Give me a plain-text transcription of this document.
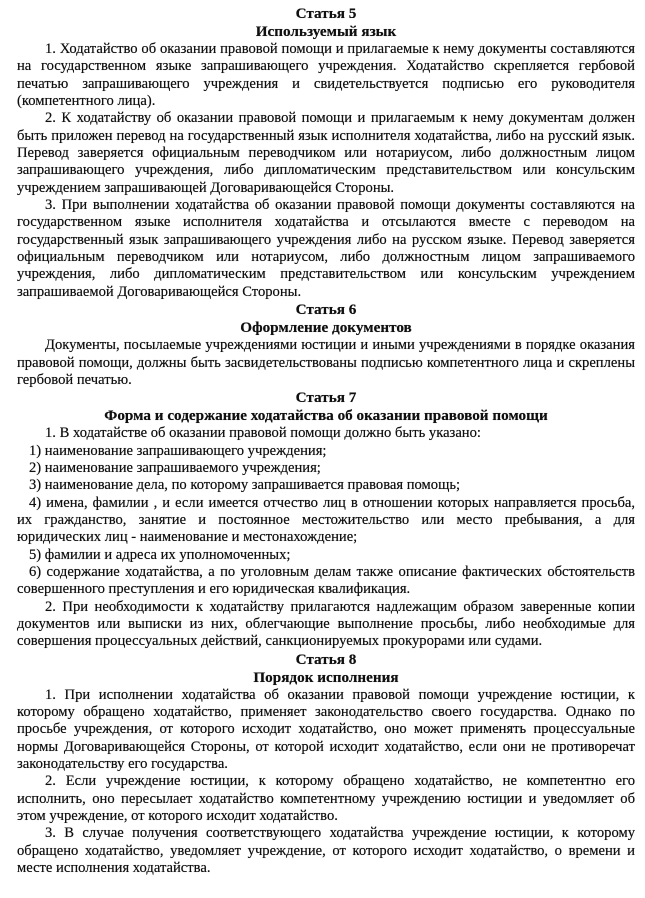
Статья 5
Используемый язык

1. Ходатайство об оказании правовой помощи и прилагаемые к нему документы составляются на государственном языке запрашивающего учреждения. Ходатайство скрепляется гербовой печатью запрашивающего учреждения и свидетельствуется подписью его руководителя (компетентного лица).

2. К ходатайству об оказании правовой помощи и прилагаемым к нему документам должен быть приложен перевод на государственный язык исполнителя ходатайства, либо на русский язык. Перевод заверяется официальным переводчиком или нотариусом, либо должностным лицом запрашивающего учреждения, либо дипломатическим представительством или консульским учреждением запрашивающей Договаривающейся Стороны.

3. При выполнении ходатайства об оказании правовой помощи документы составляются на государственном языке исполнителя ходатайства и отсылаются вместе с переводом на государственный язык запрашивающего учреждения либо на русском языке. Перевод заверяется официальным переводчиком или нотариусом, либо должностным лицом запрашиваемого учреждения, либо дипломатическим представительством или консульским учреждением запрашиваемой Договаривающейся Стороны.

Статья 6
Оформление документов

Документы, посылаемые учреждениями юстиции и иными учреждениями в порядке оказания правовой помощи, должны быть засвидетельствованы подписью компетентного лица и скреплены гербовой печатью.

Статья 7
Форма и содержание ходатайства об оказании правовой помощи

1. В ходатайстве об оказании правовой помощи должно быть указано:

1) наименование запрашивающего учреждения;

2) наименование запрашиваемого учреждения;

3) наименование дела, по которому запрашивается правовая помощь;

4) имена, фамилии , и если имеется отчество лиц в отношении которых направляется просьба, их гражданство, занятие и постоянное местожительство или место пребывания, а для юридических лиц - наименование и местонахождение;

5) фамилии и адреса их уполномоченных;

6) содержание ходатайства, а по уголовным делам также описание фактических обстоятельств совершенного преступления и его юридическая квалификация.

2. При необходимости к ходатайству прилагаются надлежащим образом заверенные копии документов или выписки из них, облегчающие выполнение просьбы, либо необходимые для совершения процессуальных действий, санкционируемых прокурорами или судами.

Статья 8
Порядок исполнения

1. При исполнении ходатайства об оказании правовой помощи учреждение юстиции, к которому обращено ходатайство, применяет законодательство своего государства. Однако по просьбе учреждения, от которого исходит ходатайство, оно может применять процессуальные нормы Договаривающейся Стороны, от которой исходит ходатайство, если они не противоречат законодательству его государства.

2. Если учреждение юстиции, к которому обращено ходатайство, не компетентно его исполнить, оно пересылает ходатайство компетентному учреждению юстиции и уведомляет об этом учреждение, от которого исходит ходатайство.

3. В случае получения соответствующего ходатайства учреждение юстиции, к которому обращено ходатайство, уведомляет учреждение, от которого исходит ходатайство, о времени и месте исполнения ходатайства.
